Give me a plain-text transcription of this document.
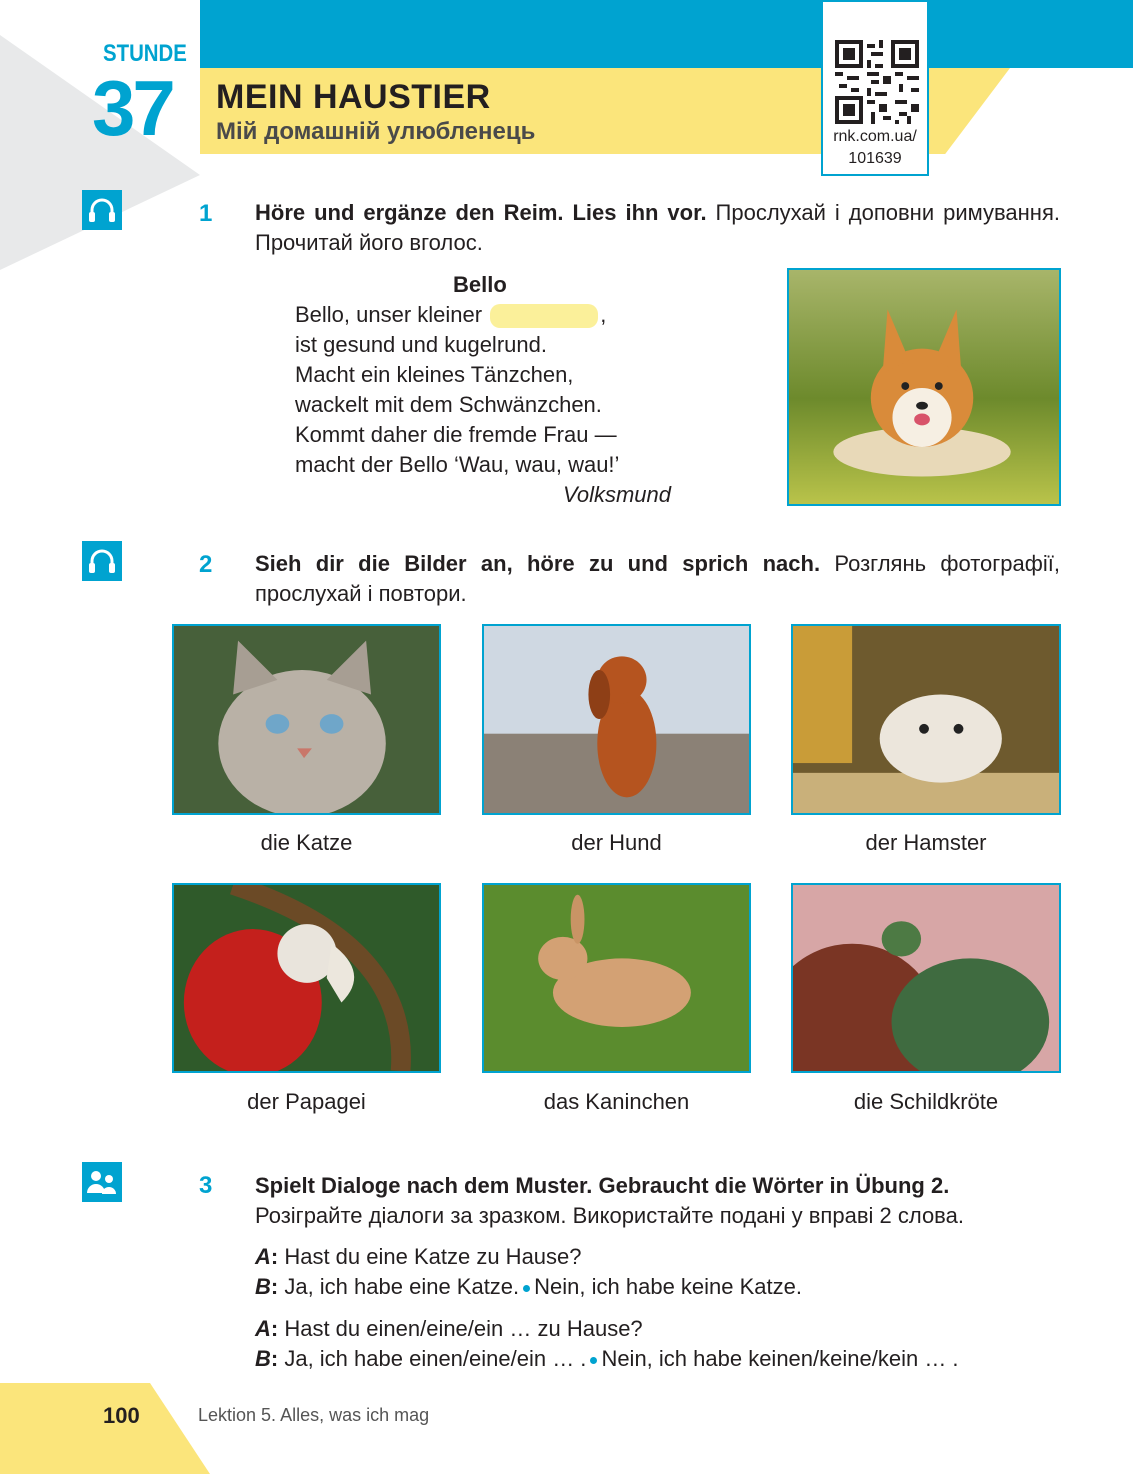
STUNDE
37 MEIN HAUSTIER
Мій домашній улюбленець	rnk.com.ua/
101639
1 Höre und ergänze den Reim. Lies ihn vor. Прослухай і доповни римування. Прочитай його вголос.
Bello
Bello, unser kleiner	,
ist gesund und kugelrund.
Macht ein kleines Tänzchen,
wackelt mit dem Schwänzchen.
Kommt daher die fremde Frau —
macht der Bello ‘Wau, wau, wau!’
Volksmund
2 Sieh dir die Bilder an, höre zu und sprich nach. Розглянь фотографії, прослухай і повтори.
die Katze	der Hund	der Hamster
der Papagei	das Kaninchen	die Schildkröte
3 Spielt Dialoge nach dem Muster. Gebraucht die Wörter in Übung 2.
Розіграйте діалоги за зразком. Використайте подані у вправі 2 слова.
A: Hast du eine Katze zu Hause?
B: Ja, ich habe eine Katze. Nein, ich habe keine Katze.
A: Hast du einen/eine/ein … zu Hause?
B: Ja, ich habe einen/eine/ein … . Nein, ich habe keinen/keine/kein … .
100	Lektion 5. Alles, was ich mag
